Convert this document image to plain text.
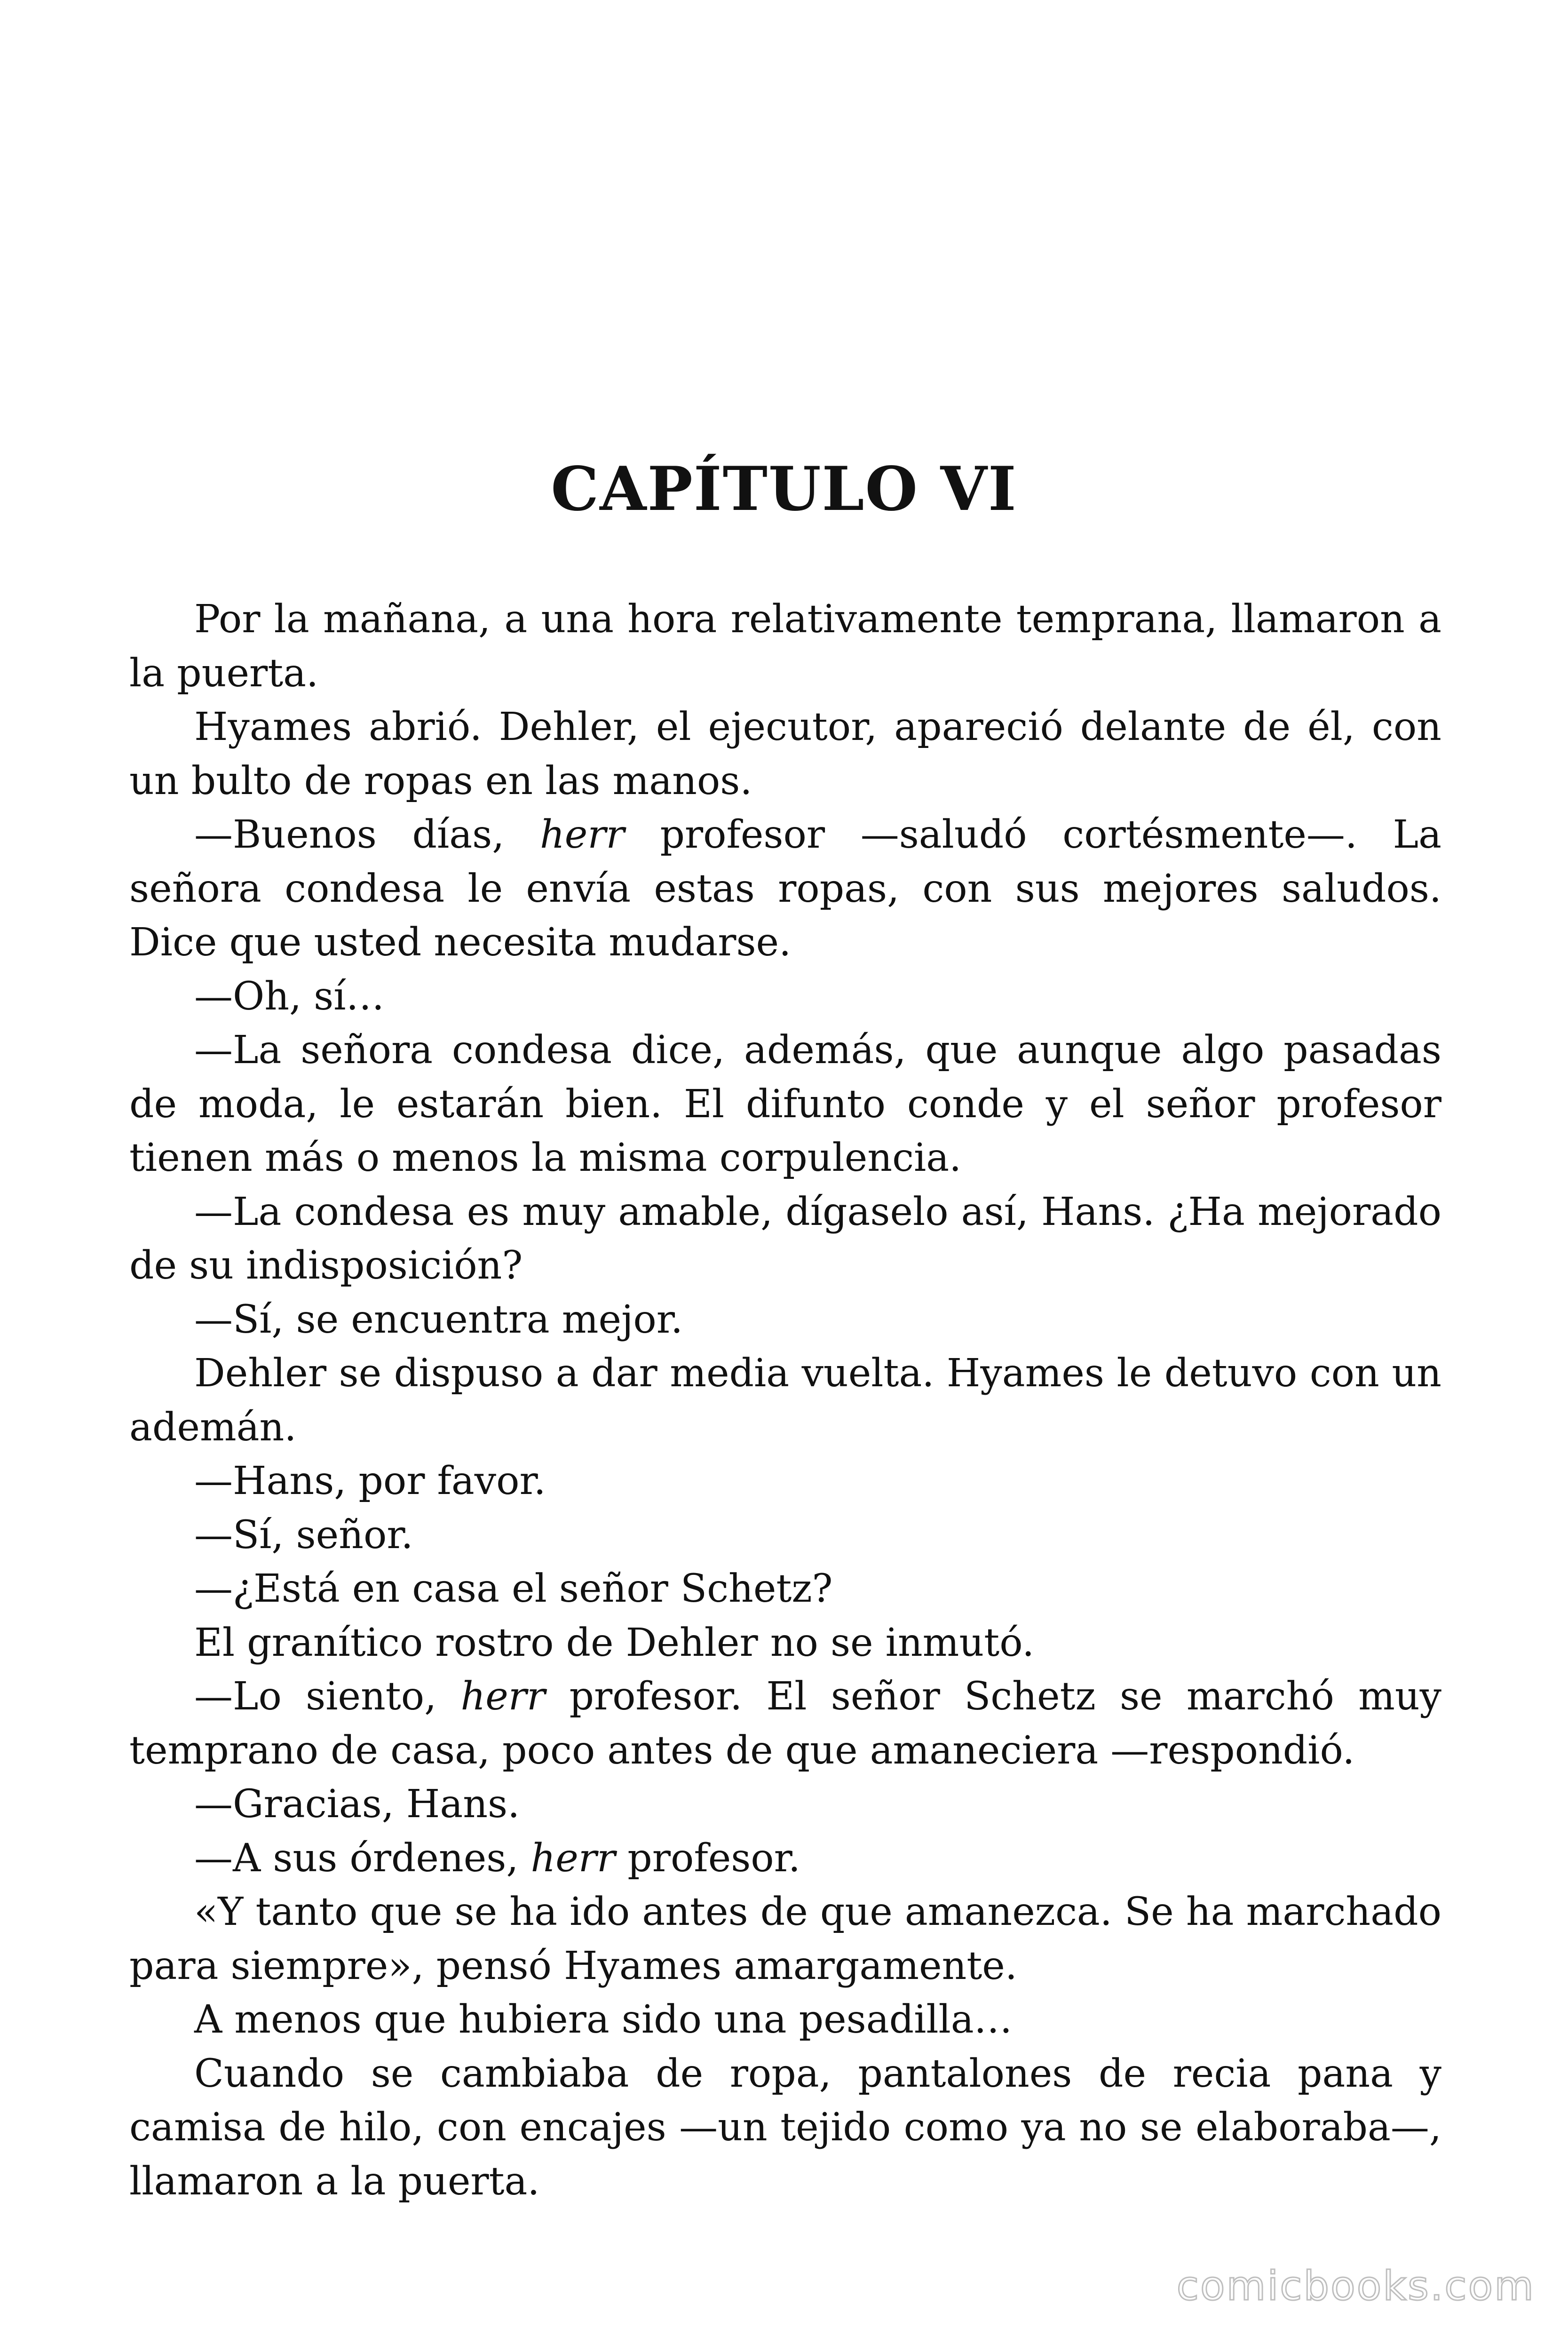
CAPÍTULO VI

Por la mañana, a una hora relativamente temprana, llamaron a la puerta.

Hyames abrió. Dehler, el ejecutor, apareció delante de él, con un bulto de ropas en las manos.

—Buenos días, herr profesor —saludó cortésmente—. La señora condesa le envía estas ropas, con sus mejores saludos. Dice que usted necesita mudarse.

—Oh, sí…

—La señora condesa dice, además, que aunque algo pasadas de moda, le estarán bien. El difunto conde y el señor profesor tienen más o menos la misma corpulencia.

—La condesa es muy amable, dígaselo así, Hans. ¿Ha mejorado de su indisposición?

—Sí, se encuentra mejor.

Dehler se dispuso a dar media vuelta. Hyames le detuvo con un ademán.

—Hans, por favor.

—Sí, señor.

—¿Está en casa el señor Schetz?

El granítico rostro de Dehler no se inmutó.

—Lo siento, herr profesor. El señor Schetz se marchó muy temprano de casa, poco antes de que amaneciera —respondió.

—Gracias, Hans.

—A sus órdenes, herr profesor.

«Y tanto que se ha ido antes de que amanezca. Se ha marchado para siempre», pensó Hyames amargamente.

A menos que hubiera sido una pesadilla…

Cuando se cambiaba de ropa, pantalones de recia pana y camisa de hilo, con encajes —un tejido como ya no se elaboraba—, llamaron a la puerta.

comicbooks.com
